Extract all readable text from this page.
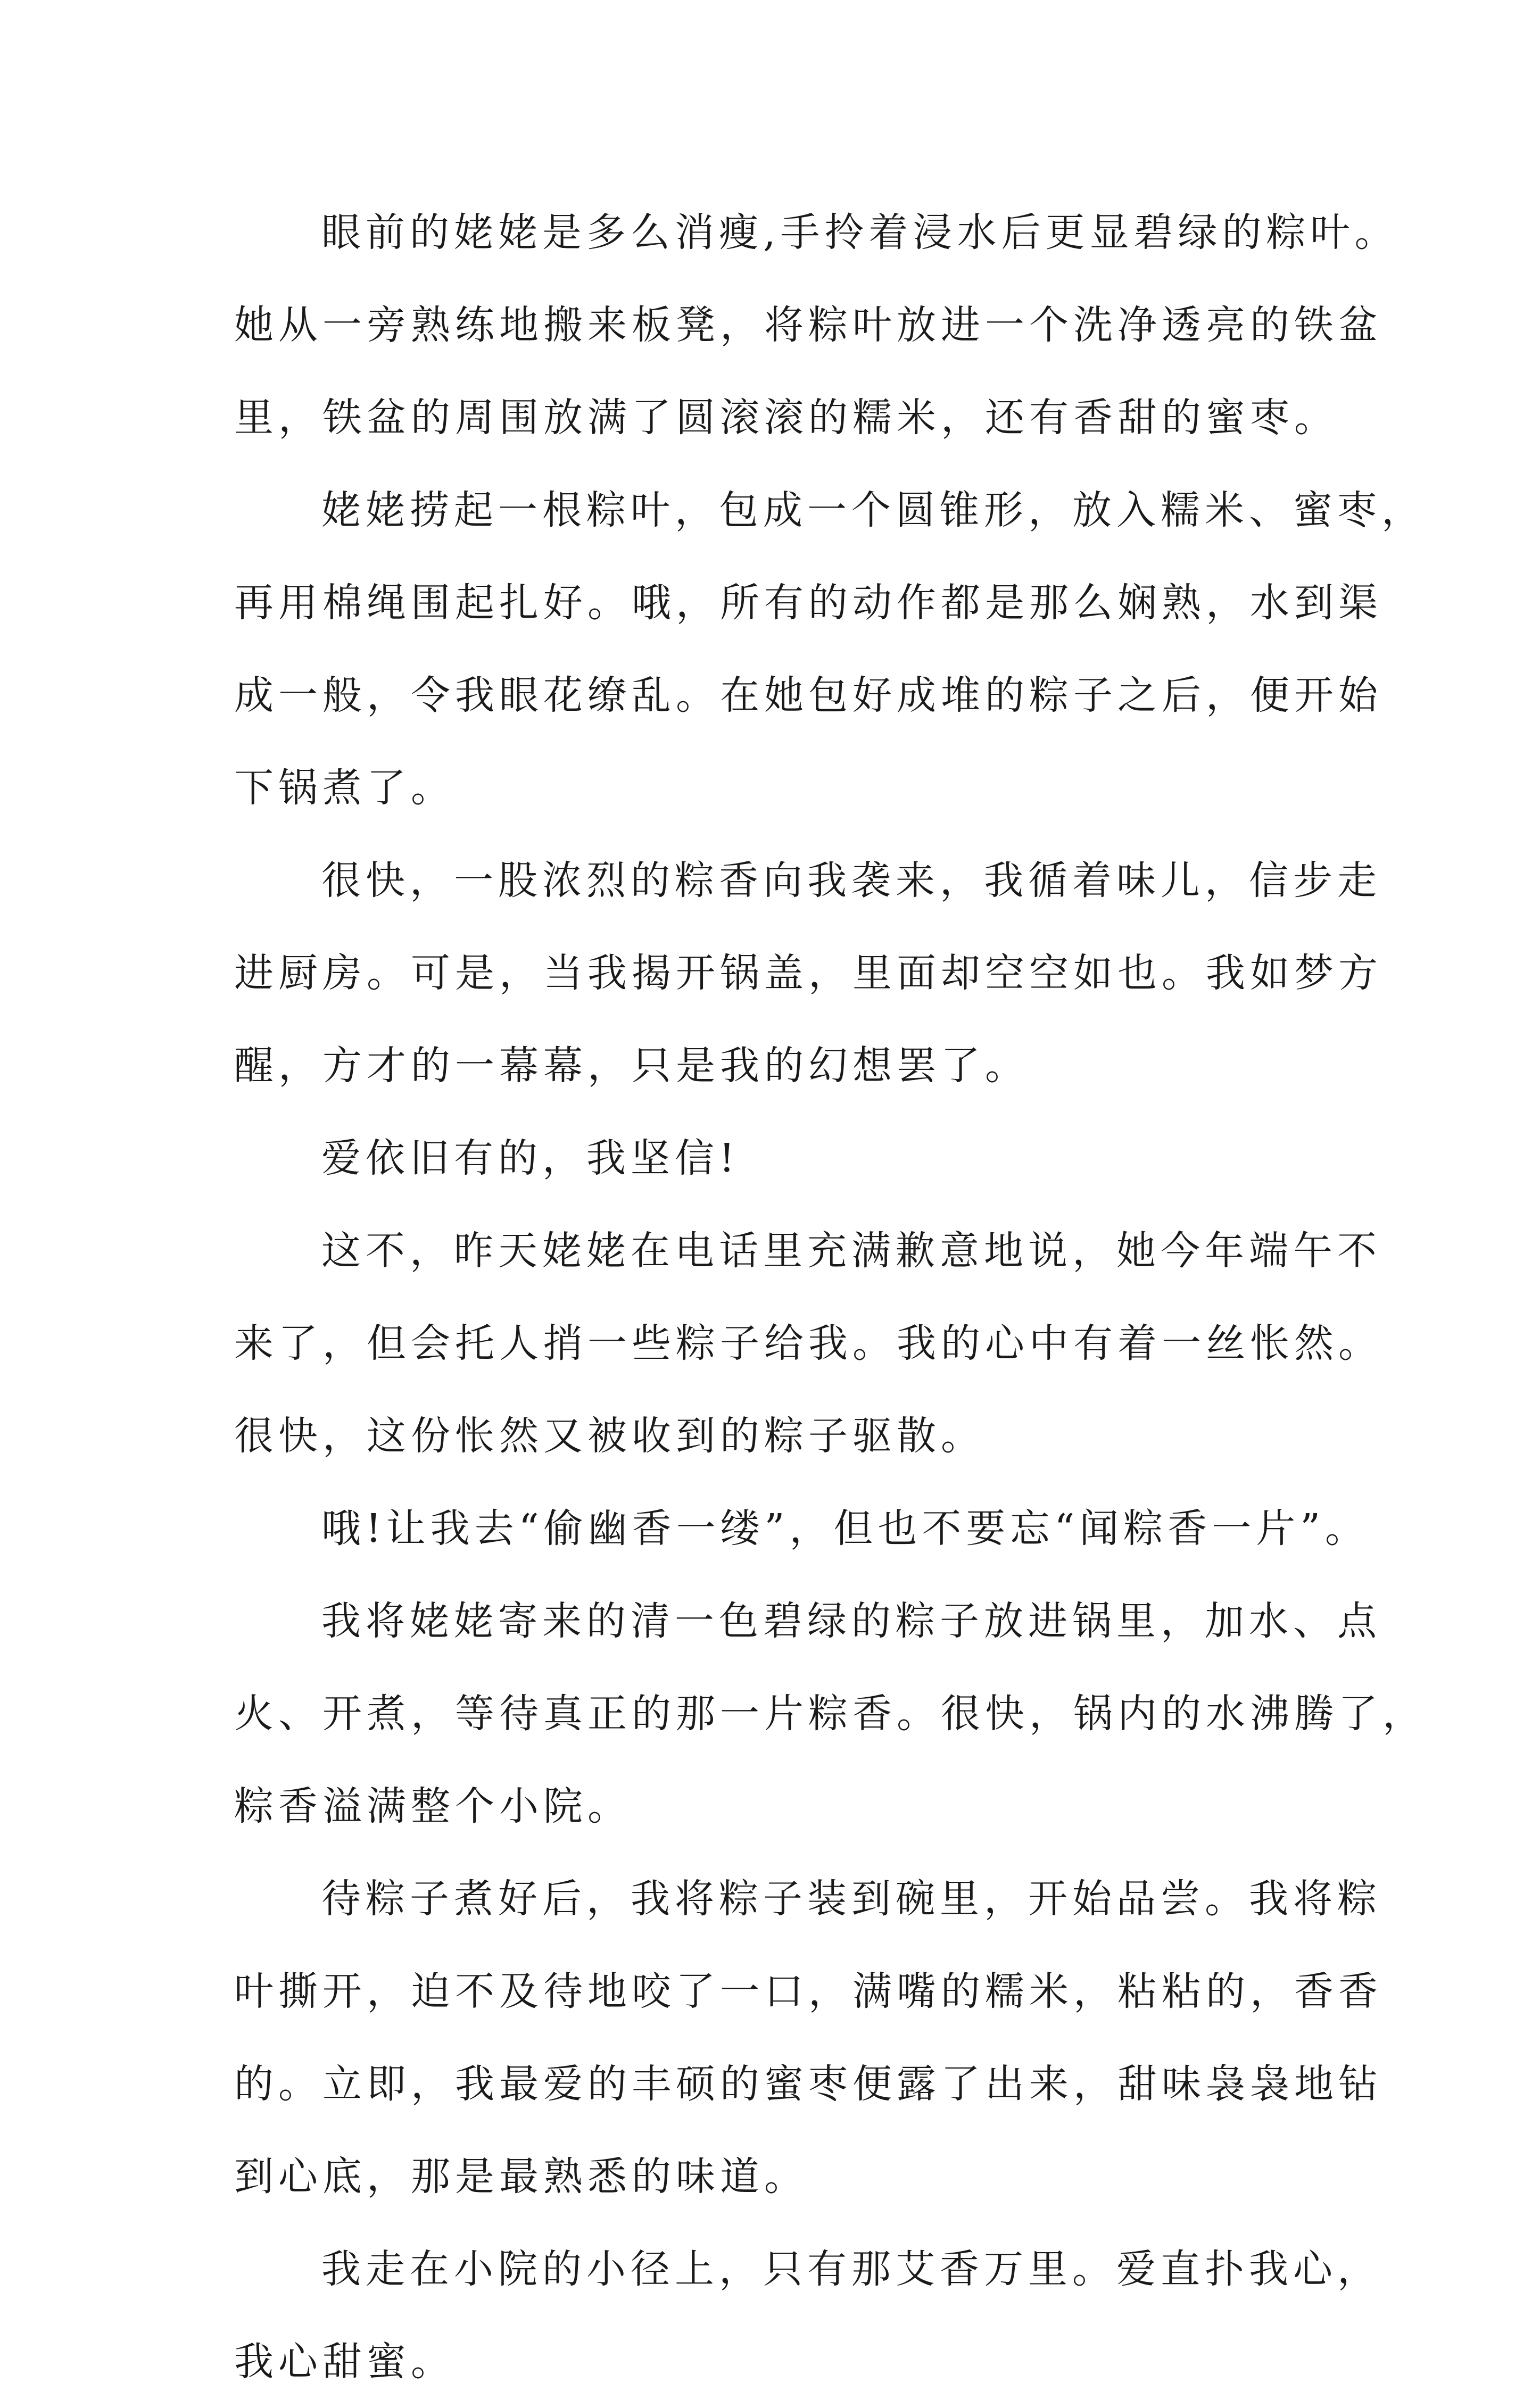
眼前的姥姥是多么消瘦,手拎着浸水后更显碧绿的粽叶。
她从一旁熟练地搬来板凳，将粽叶放进一个洗净透亮的铁盆
里，铁盆的周围放满了圆滚滚的糯米，还有香甜的蜜枣。
姥姥捞起一根粽叶，包成一个圆锥形，放入糯米、蜜枣，
再用棉绳围起扎好。哦，所有的动作都是那么娴熟，水到渠
成一般，令我眼花缭乱。在她包好成堆的粽子之后，便开始
下锅煮了。
很快，一股浓烈的粽香向我袭来，我循着味儿，信步走
进厨房。可是，当我揭开锅盖，里面却空空如也。我如梦方
醒，方才的一幕幕，只是我的幻想罢了。
爱依旧有的，我坚信!
这不，昨天姥姥在电话里充满歉意地说，她今年端午不
来了，但会托人捎一些粽子给我。我的心中有着一丝怅然。
很快，这份怅然又被收到的粽子驱散。
哦!让我去“偷幽香一缕”，但也不要忘“闻粽香一片”。
我将姥姥寄来的清一色碧绿的粽子放进锅里，加水、点
火、开煮，等待真正的那一片粽香。很快，锅内的水沸腾了，
粽香溢满整个小院。
待粽子煮好后，我将粽子装到碗里，开始品尝。我将粽
叶撕开，迫不及待地咬了一口，满嘴的糯米，粘粘的，香香
的。立即，我最爱的丰硕的蜜枣便露了出来，甜味袅袅地钻
到心底，那是最熟悉的味道。
我走在小院的小径上，只有那艾香万里。爱直扑我心，
我心甜蜜。
